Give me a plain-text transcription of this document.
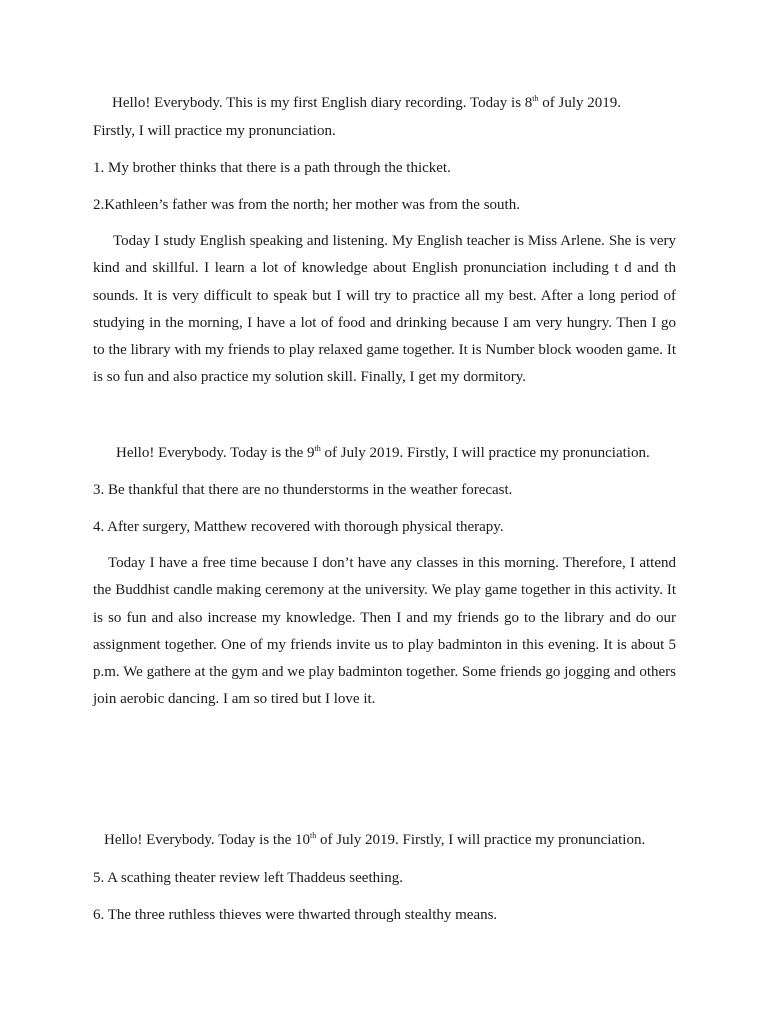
Hello! Everybody. This is my first English diary recording. Today is 8th of July 2019.
Firstly, I will practice my pronunciation.
1. My brother thinks that there is a path through the thicket.
2.Kathleen’s father was from the north; her mother was from the south.
Today I study English speaking and listening. My English teacher is Miss Arlene. She is very kind and skillful. I learn a lot of knowledge about English pronunciation including t d and th sounds. It is very difficult to speak but I will try to practice all my best. After a long period of studying in the morning, I have a lot of food and drinking because I am very hungry. Then I go to the library with my friends to play relaxed game together. It is Number block wooden game. It is so fun and also practice my solution skill. Finally, I get my dormitory.
Hello! Everybody. Today is the 9th of July 2019. Firstly, I will practice my pronunciation.
3. Be thankful that there are no thunderstorms in the weather forecast.
4. After surgery, Matthew recovered with thorough physical therapy.
Today I have a free time because I don’t have any classes in this morning. Therefore, I attend the Buddhist candle making ceremony at the university. We play game together in this activity. It is so fun and also increase my knowledge. Then I and my friends go to the library and do our assignment together. One of my friends invite us to play badminton in this evening. It is about 5 p.m. We gathere at the gym and we play badminton together. Some friends go jogging and others join aerobic dancing. I am so tired but I love it.
Hello! Everybody. Today is the 10th of July 2019. Firstly, I will practice my pronunciation.
5. A scathing theater review left Thaddeus seething.
6. The three ruthless thieves were thwarted through stealthy means.
